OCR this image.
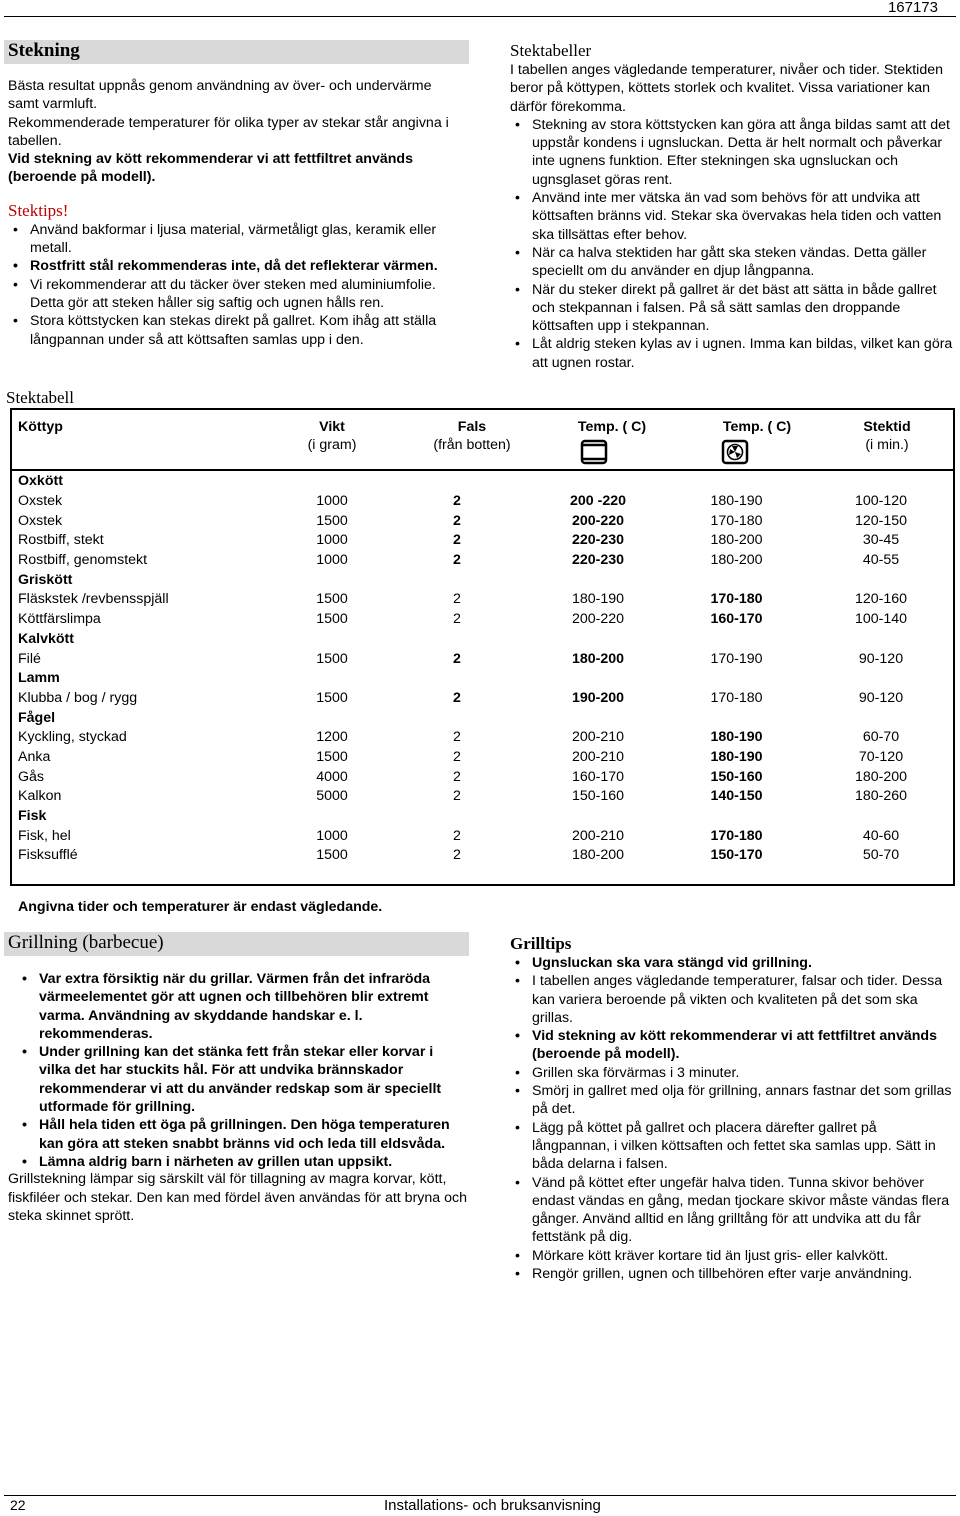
167173
Stekning
Bästa resultat uppnås genom användning av över- och undervärme samt varmluft.
Rekommenderade temperaturer för olika typer av stekar står angivna i tabellen.
Vid stekning av kött rekommenderar vi att fettfiltret används (beroende på modell).
Stektips!
• Använd bakformar i ljusa material, värmetåligt glas, keramik eller metall.
• Rostfritt stål rekommenderas inte, då det reflekterar värmen.
• Vi rekommenderar att du täcker över steken med aluminiumfolie. Detta gör att steken håller sig saftig och ugnen hålls ren.
• Stora köttstycken kan stekas direkt på gallret. Kom ihåg att ställa långpannan under så att köttsaften samlas upp i den.
Stektabeller
I tabellen anges vägledande temperaturer, nivåer och tider. Stektiden beror på köttypen, köttets storlek och kvalitet. Vissa variationer kan därför förekomma.
• Stekning av stora köttstycken kan göra att ånga bildas samt att det uppstår kondens i ugnsluckan. Detta är helt normalt och påverkar inte ugnens funktion. Efter stekningen ska ugnsluckan och ugnsglaset göras rent.
• Använd inte mer vätska än vad som behövs för att undvika att köttsaften bränns vid. Stekar ska övervakas hela tiden och vatten ska tillsättas efter behov.
• När ca halva stektiden har gått ska steken vändas. Detta gäller speciellt om du använder en djup långpanna.
• När du steker direkt på gallret är det bäst att sätta in både gallret och stekpannan i falsen. På så sätt samlas den droppande köttsaften upp i stekpannan.
• Låt aldrig steken kylas av i ugnen. Imma kan bildas, vilket kan göra att ugnen rostar.
Stektabell
Köttyp	Vikt
(i gram)
Fals
(från botten)
Temp. ( C)	Temp. ( C)	Stektid
(i min.)
Oxkött					
Oxstek	1000	2	200 -220	180-190	100-120
Oxstek	1500	2	200-220	170-180	120-150
Rostbiff, stekt	1000	2	220-230	180-200	30-45
Rostbiff, genomstekt	1000	2	220-230	180-200	40-55
Griskött					
Fläskstek /revbensspjäll	1500	2	180-190	170-180	120-160
Köttfärslimpa	1500	2	200-220	160-170	100-140
Kalvkött					
Filé	1500	2	180-200	170-190	90-120
Lamm					
Klubba / bog / rygg	1500	2	190-200	170-180	90-120
Fågel					
Kyckling, styckad	1200	2	200-210	180-190	60-70
Anka	1500	2	200-210	180-190	70-120
Gås	4000	2	160-170	150-160	180-200
Kalkon	5000	2	150-160	140-150	180-260
Fisk					
Fisk, hel	1000	2	200-210	170-180	40-60
Fisksufflé	1500	2	180-200	150-170	50-70
Angivna tider och temperaturer är endast vägledande.
Grillning (barbecue)
• Var extra försiktig när du grillar. Värmen från det infraröda värmeelementet gör att ugnen och tillbehören blir extremt varma. Användning av skyddande handskar e. l. rekommenderas.
• Under grillning kan det stänka fett från stekar eller korvar i vilka det har stuckits hål. För att undvika brännskador rekommenderar vi att du använder redskap som är speciellt utformade för grillning.
• Håll hela tiden ett öga på grillningen. Den höga temperaturen kan göra att steken snabbt bränns vid och leda till eldsvåda.
• Lämna aldrig barn i närheten av grillen utan uppsikt.
Grillstekning lämpar sig särskilt väl för tillagning av magra korvar, kött, fiskfiléer och stekar. Den kan med fördel även användas för att bryna och steka skinnet sprött.
Grilltips
• Ugnsluckan ska vara stängd vid grillning.
• I tabellen anges vägledande temperaturer, falsar och tider. Dessa kan variera beroende på vikten och kvaliteten på det som ska grillas.
• Vid stekning av kött rekommenderar vi att fettfiltret används (beroende på modell).
• Grillen ska förvärmas i 3 minuter.
• Smörj in gallret med olja för grillning, annars fastnar det som grillas på det.
• Lägg på köttet på gallret och placera därefter gallret på långpannan, i vilken köttsaften och fettet ska samlas upp. Sätt in båda delarna i falsen.
• Vänd på köttet efter ungefär halva tiden. Tunna skivor behöver endast vändas en gång, medan tjockare skivor måste vändas flera gånger. Använd alltid en lång grilltång för att undvika att du får fettstänk på dig.
• Mörkare kött kräver kortare tid än ljust gris- eller kalvkött.
• Rengör grillen, ugnen och tillbehören efter varje användning.
22	Installations- och bruksanvisning
